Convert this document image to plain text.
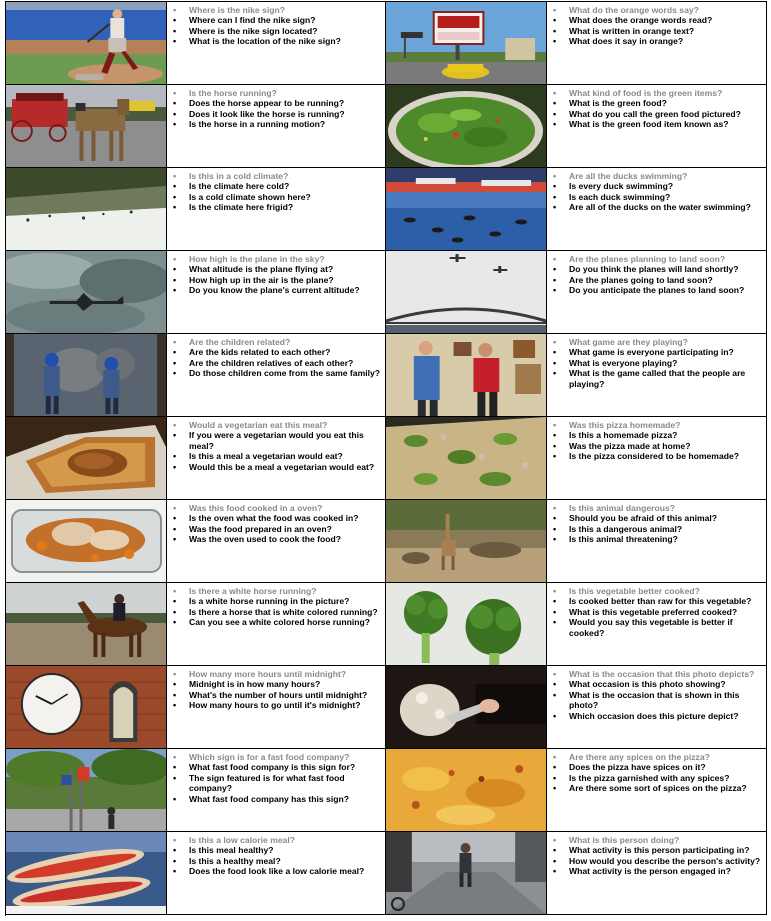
• Where is the nike sign?
• Where can I find the nike sign?
• Where is the nike sign located?
• What is the location of the nike sign?
• What do the orange words say?
• What does the orange words read?
• What is written in orange text?
• What does it say in orange?
• Is the horse running?
• Does the horse appear to be running?
• Does it look like the horse is running?
• Is the horse in a running motion?
• What kind of food is the green items?
• What is the green food?
• What do you call the green food pictured?
• What is the green food item known as?
• Is this in a cold climate?
• Is the climate here cold?
• Is a cold climate shown here?
• Is the climate here frigid?
• Are all the ducks swimming?
• Is every duck swimming?
• Is each duck swimming?
• Are all of the ducks on the water swimming?
• How high is the plane in the sky?
• What altitude is the plane flying at?
• How high up in the air is the plane?
• Do you know the plane's current altitude?
• Are the planes planning to land soon?
• Do you think the planes will land shortly?
• Are the planes going to land soon?
• Do you anticipate the planes to land soon?
• Are the children related?
• Are the kids related to each other?
• Are the children relatives of each other?
• Do those children come from the same family?
• What game are they playing?
• What game is everyone participating in?
• What is everyone playing?
• What is the game called that the people are playing?
• Would a vegetarian eat this meal?
• If you were a vegetarian would you eat this meal?
• Is this a meal a vegetarian would eat?
• Would this be a meal a vegetarian would eat?
• Was this pizza homemade?
• Is this a homemade pizza?
• Was the pizza made at home?
• Is the pizza considered to be homemade?
• Was this food cooked in a oven?
• Is the oven what the food was cooked in?
• Was the food prepared in an oven?
• Was the oven used to cook the food?
• Is this animal dangerous?
• Should you be afraid of this animal?
• Is this a dangerous animal?
• Is this animal threatening?
• Is there a white horse running?
• Is a white horse running in the picture?
• Is there a horse that is white colored running?
• Can you see a white colored horse running?
• Is this vegetable better cooked?
• Is cooked better than raw for this vegetable?
• What is this vegetable preferred cooked?
• Would you say this vegetable is better if cooked?
• How many more hours until midnight?
• Midnight is in how many hours?
• What's the number of hours until midnight?
• How many hours to go until it's midnight?
• What is the occasion that this photo depicts?
• What occasion is this photo showing?
• What is the occasion that is shown in this photo?
• Which occasion does this picture depict?
• Which sign is for a fast food company?
• What fast food company is this sign for?
• The sign featured is for what fast food company?
• What fast food company has this sign?
• Are there any spices on the pizza?
• Does the pizza have spices on it?
• Is the pizza garnished with any spices?
• Are there some sort of spices on the pizza?
• Is this a low calorie meal?
• Is this meal healthy?
• Is this a healthy meal?
• Does the food look like a low calorie meal?
• What is this person doing?
• What activity is this person participating in?
• How would you describe the person's activity?
• What activity is the person engaged in?
